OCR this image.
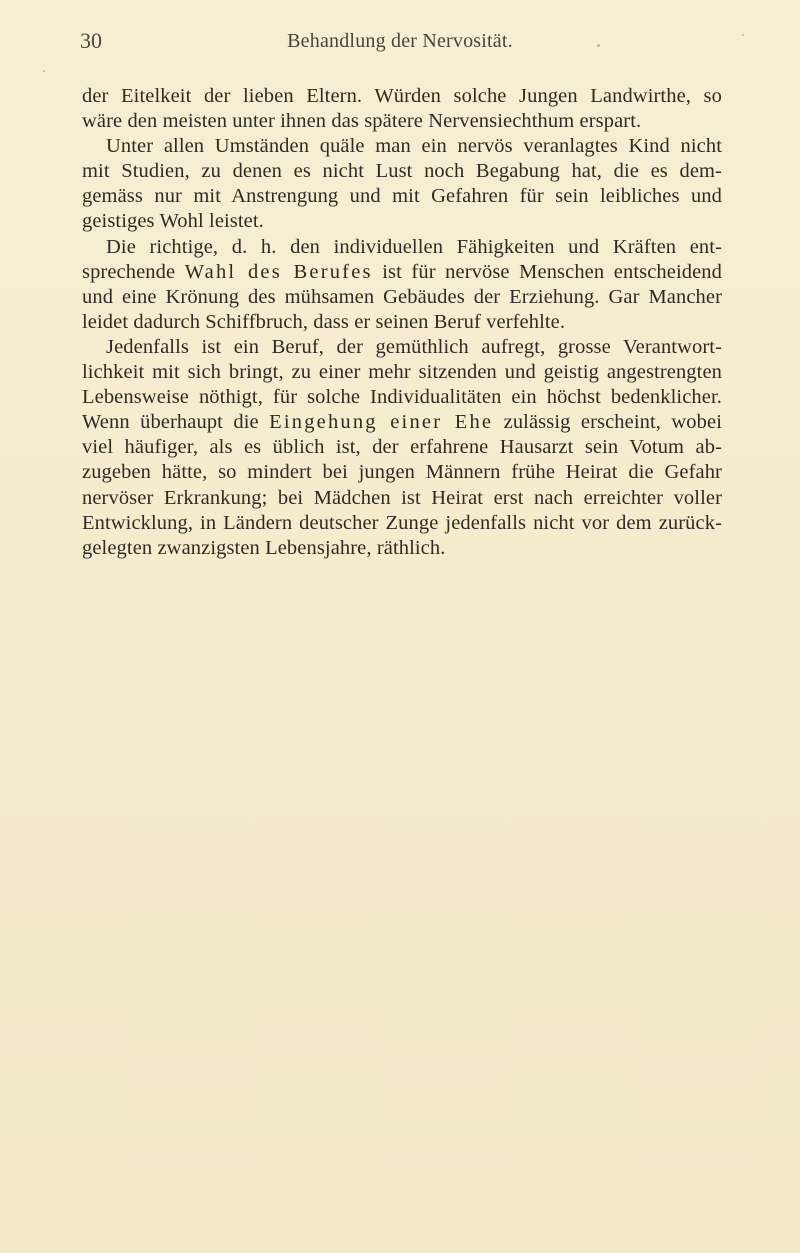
30	Behandlung der Nervosität.
der Eitelkeit der lieben Eltern. Würden solche Jungen Landwirthe, so
wäre den meisten unter ihnen das spätere Nervensiechthum erspart.
Unter allen Umständen quäle man ein nervös veranlagtes Kind nicht
mit Studien, zu denen es nicht Lust noch Begabung hat, die es dem-
gemäss nur mit Anstrengung und mit Gefahren für sein leibliches und
geistiges Wohl leistet.
Die richtige, d. h. den individuellen Fähigkeiten und Kräften ent-
sprechende Wahl des Berufes ist für nervöse Menschen entscheidend
und eine Krönung des mühsamen Gebäudes der Erziehung. Gar Mancher
leidet dadurch Schiffbruch, dass er seinen Beruf verfehlte.
Jedenfalls ist ein Beruf, der gemüthlich aufregt, grosse Verantwort-
lichkeit mit sich bringt, zu einer mehr sitzenden und geistig angestrengten
Lebensweise nöthigt, für solche Individualitäten ein höchst bedenklicher.
Wenn überhaupt die Eingehung einer Ehe zulässig erscheint, wobei
viel häufiger, als es üblich ist, der erfahrene Hausarzt sein Votum ab-
zugeben hätte, so mindert bei jungen Männern frühe Heirat die Gefahr
nervöser Erkrankung; bei Mädchen ist Heirat erst nach erreichter voller
Entwicklung, in Ländern deutscher Zunge jedenfalls nicht vor dem zurück-
gelegten zwanzigsten Lebensjahre, räthlich.
